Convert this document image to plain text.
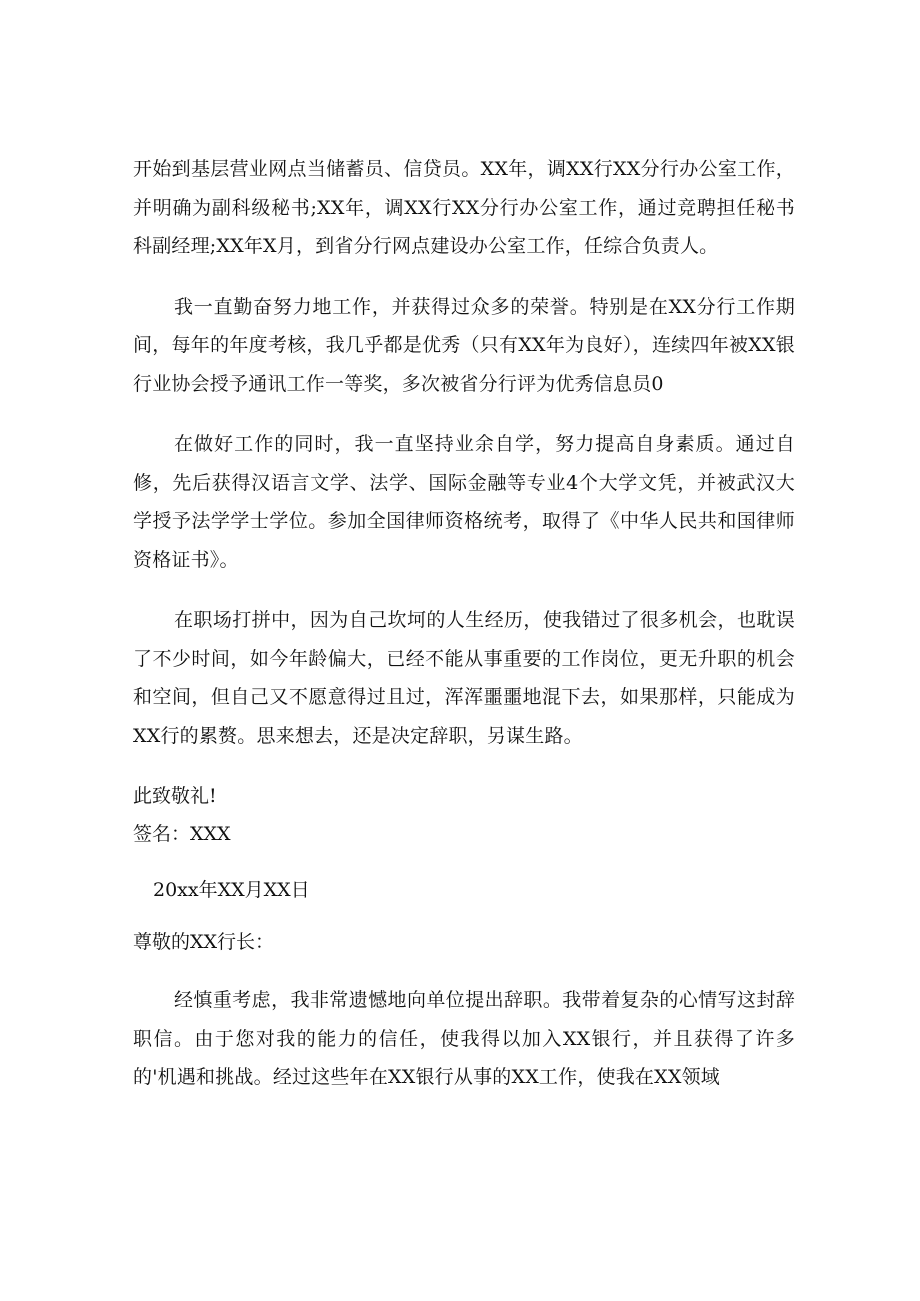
开始到基层营业网点当储蓄员、信贷员。XX年，调XX行XX分行办公室工作，并明确为副科级秘书;XX年，调XX行XX分行办公室工作，通过竞聘担任秘书科副经理;XX年X月，到省分行网点建设办公室工作，任综合负责人。

我一直勤奋努力地工作，并获得过众多的荣誉。特别是在XX分行工作期间，每年的年度考核，我几乎都是优秀（只有XX年为良好），连续四年被XX银行业协会授予通讯工作一等奖，多次被省分行评为优秀信息员0

在做好工作的同时，我一直坚持业余自学，努力提高自身素质。通过自修，先后获得汉语言文学、法学、国际金融等专业4个大学文凭，并被武汉大学授予法学学士学位。参加全国律师资格统考，取得了《中华人民共和国律师资格证书》。

在职场打拼中，因为自己坎坷的人生经历，使我错过了很多机会，也耽误了不少时间，如今年龄偏大，已经不能从事重要的工作岗位，更无升职的机会和空间，但自己又不愿意得过且过，浑浑噩噩地混下去，如果那样，只能成为XX行的累赘。思来想去，还是决定辞职，另谋生路。

此致敬礼!

签名：XXX

20xx年XX月XX日

尊敬的XX行长：

经慎重考虑，我非常遗憾地向单位提出辞职。我带着复杂的心情写这封辞职信。由于您对我的能力的信任，使我得以加入XX银行，并且获得了许多的'机遇和挑战。经过这些年在XX银行从事的XX工作，使我在XX领域
